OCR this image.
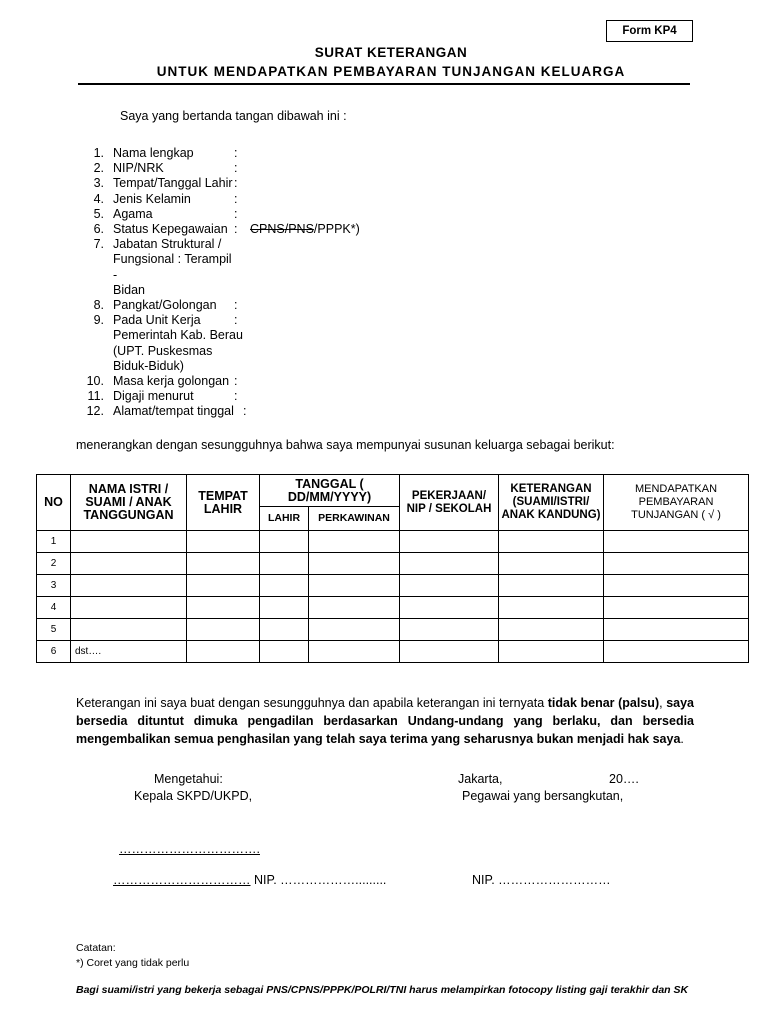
Form KP4
SURAT KETERANGAN
UNTUK MENDAPATKAN PEMBAYARAN TUNJANGAN KELUARGA
Saya yang bertanda tangan dibawah ini :
1. Nama lengkap	:
2. NIP/NRK	:
3. Tempat/Tanggal Lahir :
4. Jenis Kelamin	:
5. Agama	:
6. Status Kepegawaian :	CPNS/PNS/PPPK*)
7. Jabatan Struktural /
Fungsional : Terampil -
Bidan
8. Pangkat/Golongan	:
9. Pada Unit Kerja	:
Pemerintah Kab. Berau
(UPT. Puskesmas
Biduk-Biduk)
10. Masa kerja golongan :
11. Digaji menurut	:
12. Alamat/tempat tinggal :
menerangkan dengan sesungguhnya bahwa saya mempunyai susunan keluarga sebagai berikut:
NO	NAMA ISTRI / SUAMI / ANAK TANGGUNGAN	TEMPAT LAHIR	TANGGAL ( DD/MM/YYYY)		PEKERJAAN/ NIP / SEKOLAH	KETERANGAN (SUAMI/ISTRI/ ANAK KANDUNG)	MENDAPATKAN PEMBAYARAN TUNJANGAN ( √ )
			LAHIR	PERKAWINAN			
1							
2							
3							
4							
5							
6	dst….						
Keterangan ini saya buat dengan sesungguhnya dan apabila keterangan ini ternyata tidak benar (palsu), saya bersedia dituntut dimuka pengadilan berdasarkan Undang-undang yang berlaku, dan bersedia mengembalikan semua penghasilan yang telah saya terima yang seharusnya bukan menjadi hak saya.
Mengetahui:
Kepala SKPD/UKPD,
Jakarta,	20….
Pegawai yang bersangkutan,
…………………………….
…………………………… NIP. ……………….........	NIP. ………………………
Catatan:
*) Coret yang tidak perlu
Bagi suami/istri yang bekerja sebagai PNS/CPNS/PPPK/POLRI/TNI harus melampirkan fotocopy listing gaji terakhir dan SK
